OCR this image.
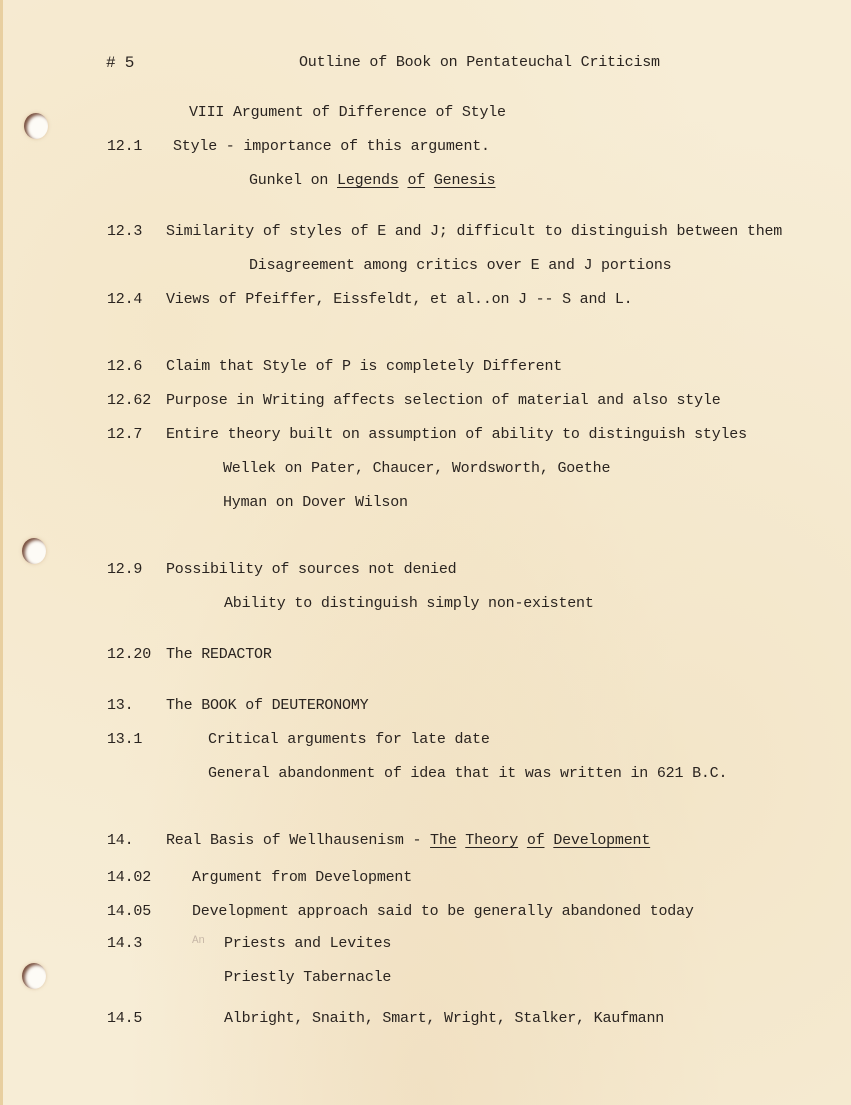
# 5	Outline of Book on Pentateuchal Criticism
VIII Argument of Difference of Style
12.1 Style - importance of this argument.
Gunkel on Legends of Genesis
12.3 Similarity of styles of E and J; difficult to distinguish between them
Disagreement among critics over E and J portions
12.4 Views of Pfeiffer, Eissfeldt, et al..on J -- S and L.
12.6 Claim that Style of P is completely Different
12.62 Purpose in Writing affects selection of material and also style
12.7 Entire theory built on assumption of ability to distinguish styles
Wellek on Pater, Chaucer, Wordsworth, Goethe
Hyman on Dover Wilson
12.9 Possibility of sources not denied
Ability to distinguish simply non-existent
12.20 The REDACTOR
13. The BOOK of DEUTERONOMY
13.1	Critical arguments for late date
General abandonment of idea that it was written in 621 B.C.
14. Real Basis of Wellhausenism - The Theory of Development
14.02	Argument from Development
14.05	Development approach said to be generally abandoned today
14.3	An Priests and Levites
Priestly Tabernacle
14.5	Albright, Snaith, Smart, Wright, Stalker, Kaufmann
